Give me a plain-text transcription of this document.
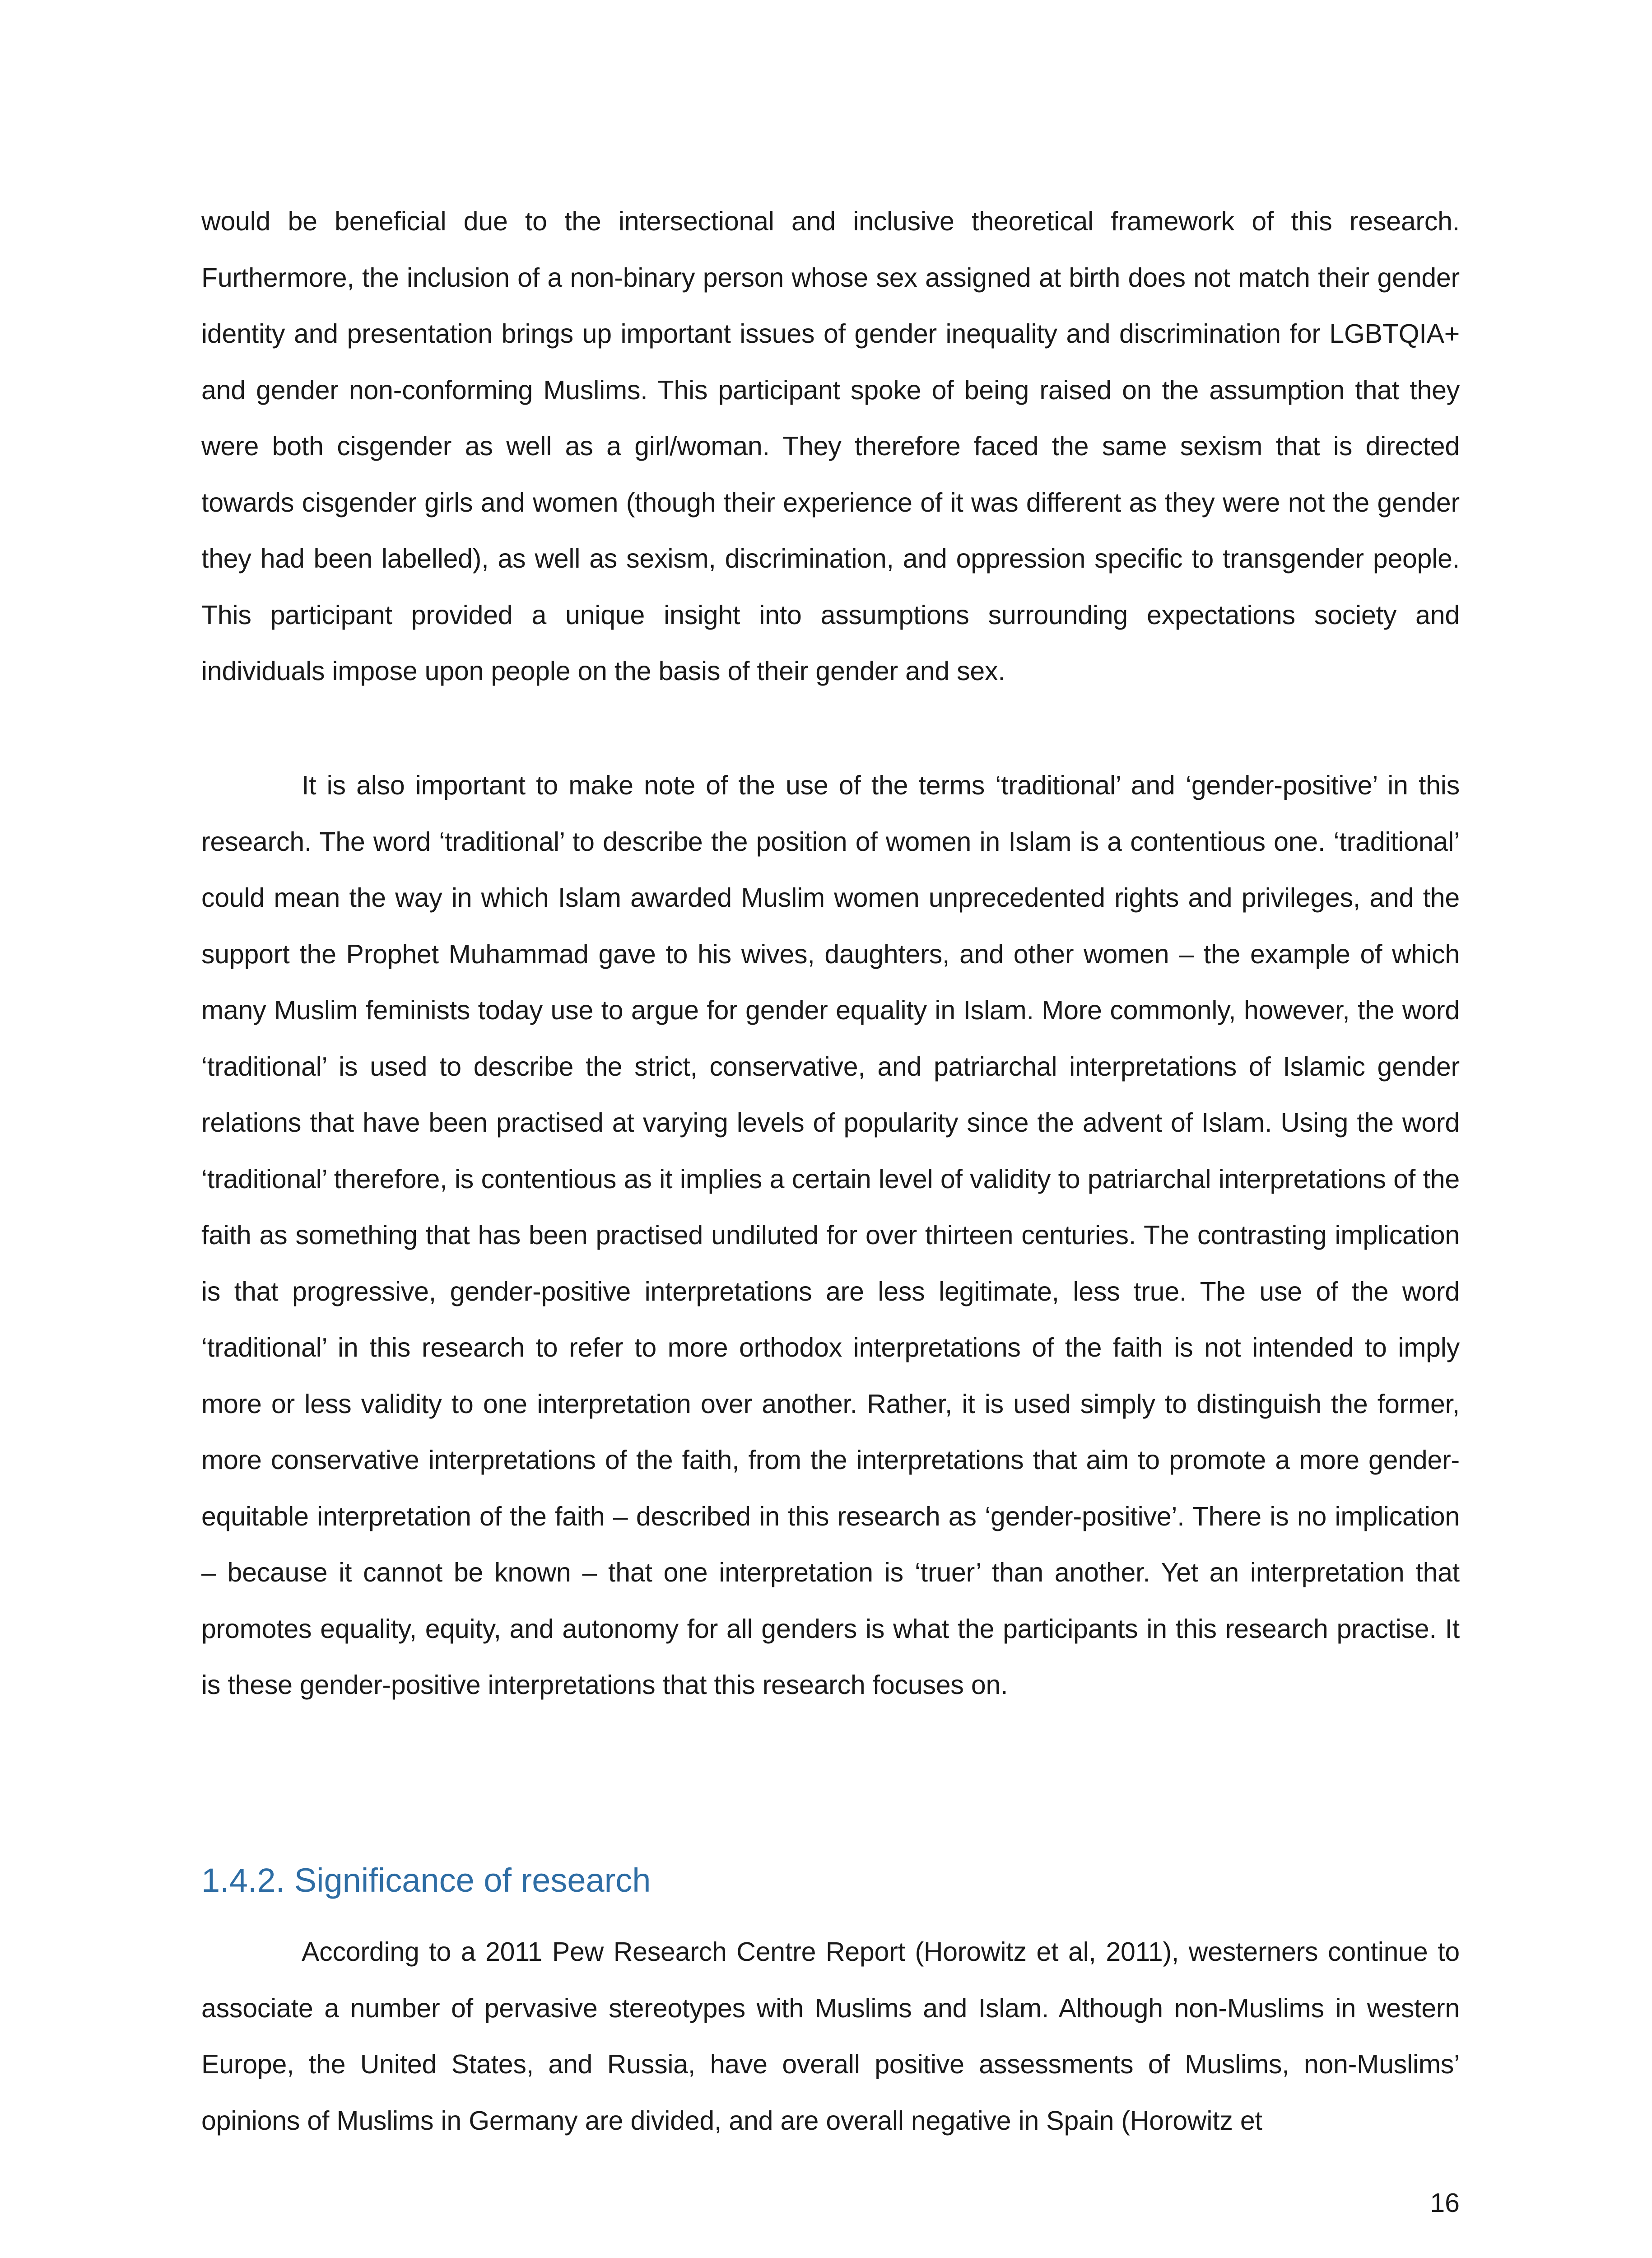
would be beneficial due to the intersectional and inclusive theoretical framework of this research. Furthermore, the inclusion of a non-binary person whose sex assigned at birth does not match their gender identity and presentation brings up important issues of gender inequality and discrimination for LGBTQIA+ and gender non-conforming Muslims. This participant spoke of being raised on the assumption that they were both cisgender as well as a girl/woman. They therefore faced the same sexism that is directed towards cisgender girls and women (though their experience of it was different as they were not the gender they had been labelled), as well as sexism, discrimination, and oppression specific to transgender people. This participant provided a unique insight into assumptions surrounding expectations society and individuals impose upon people on the basis of their gender and sex.

It is also important to make note of the use of the terms ‘traditional’ and ‘gender-positive’ in this research. The word ‘traditional’ to describe the position of women in Islam is a contentious one. ‘traditional’ could mean the way in which Islam awarded Muslim women unprecedented rights and privileges, and the support the Prophet Muhammad gave to his wives, daughters, and other women – the example of which many Muslim feminists today use to argue for gender equality in Islam. More commonly, however, the word ‘traditional’ is used to describe the strict, conservative, and patriarchal interpretations of Islamic gender relations that have been practised at varying levels of popularity since the advent of Islam. Using the word ‘traditional’ therefore, is contentious as it implies a certain level of validity to patriarchal interpretations of the faith as something that has been practised undiluted for over thirteen centuries. The contrasting implication is that progressive, gender-positive interpretations are less legitimate, less true. The use of the word ‘traditional’ in this research to refer to more orthodox interpretations of the faith is not intended to imply more or less validity to one interpretation over another. Rather, it is used simply to distinguish the former, more conservative interpretations of the faith, from the interpretations that aim to promote a more gender-equitable interpretation of the faith – described in this research as ‘gender-positive’. There is no implication – because it cannot be known – that one interpretation is ‘truer’ than another. Yet an interpretation that promotes equality, equity, and autonomy for all genders is what the participants in this research practise. It is these gender-positive interpretations that this research focuses on.

1.4.2. Significance of research

According to a 2011 Pew Research Centre Report (Horowitz et al, 2011), westerners continue to associate a number of pervasive stereotypes with Muslims and Islam. Although non-Muslims in western Europe, the United States, and Russia, have overall positive assessments of Muslims, non-Muslims’ opinions of Muslims in Germany are divided, and are overall negative in Spain (Horowitz et

16
